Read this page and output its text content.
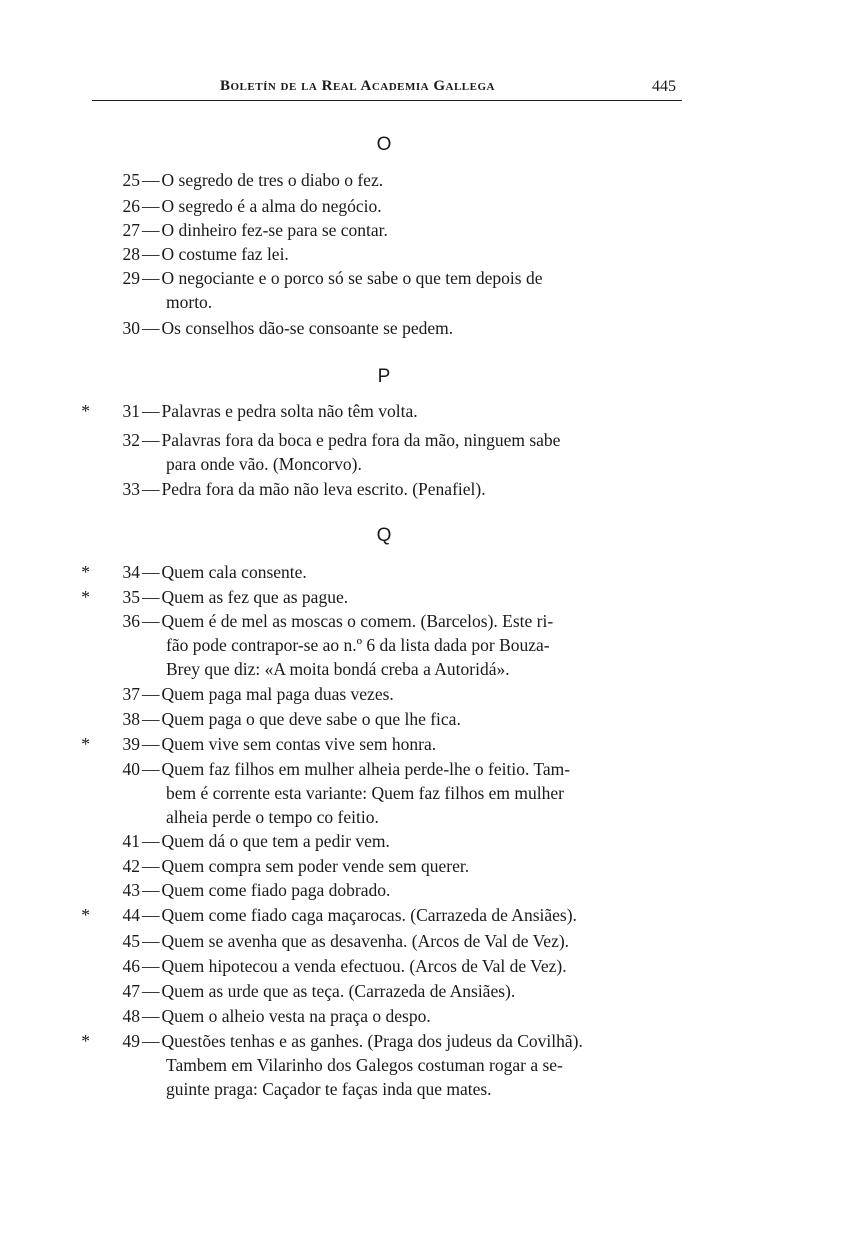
Boletín de la Real Academia Gallega	445
O
P
Q
25 — O segredo de tres o diabo o fez.
26 — O segredo é a alma do negócio.
27 — O dinheiro fez-se para se contar.
28 — O costume faz lei.
29 — O negociante e o porco só se sabe o que tem depois de
morto.
30 — Os conselhos dão-se consoante se pedem.
* 31 — Palavras e pedra solta não têm volta.
32 — Palavras fora da boca e pedra fora da mão, ninguem sabe
para onde vão. (Moncorvo).
33 — Pedra fora da mão não leva escrito. (Penafiel).
* 34 — Quem cala consente.
* 35 — Quem as fez que as pague.
36 — Quem é de mel as moscas o comem. (Barcelos). Este ri-
fão pode contrapor-se ao n.º 6 da lista dada por Bouza-
Brey que diz: «A moita bondá creba a Autoridá».
37 — Quem paga mal paga duas vezes.
38 — Quem paga o que deve sabe o que lhe fica.
* 39 — Quem vive sem contas vive sem honra.
40 — Quem faz filhos em mulher alheia perde-lhe o feitio. Tam-
bem é corrente esta variante: Quem faz filhos em mulher
alheia perde o tempo co feitio.
41 — Quem dá o que tem a pedir vem.
42 — Quem compra sem poder vende sem querer.
43 — Quem come fiado paga dobrado.
* 44 — Quem come fiado caga maçarocas. (Carrazeda de Ansiães).
45 — Quem se avenha que as desavenha. (Arcos de Val de Vez).
46 — Quem hipotecou a venda efectuou. (Arcos de Val de Vez).
47 — Quem as urde que as teça. (Carrazeda de Ansiães).
48 — Quem o alheio vesta na praça o despo.
* 49 — Questões tenhas e as ganhes. (Praga dos judeus da Covilhã).
Tambem em Vilarinho dos Galegos costuman rogar a se-
guinte praga: Caçador te faças inda que mates.
